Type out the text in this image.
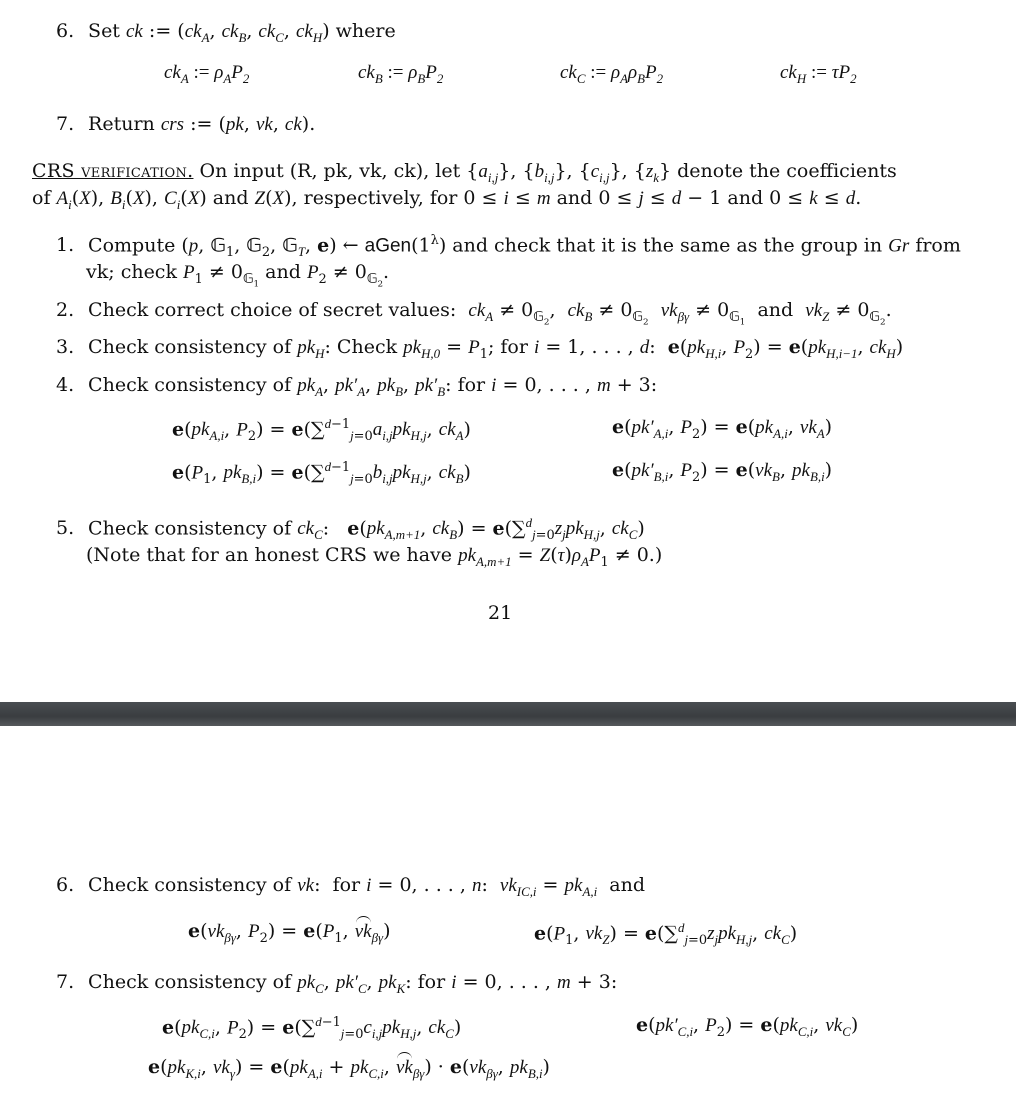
6. Set ck := ($ck_A$, $ck_B$, $ck_C$, $ck_H$) where
$ck_A$ := $\rho_AP_2$	$ck_B$ := $\rho_BP_2$	$ck_C$ := $\rho_A\rho_BP_2$	$ck_H$ := $\tau P_2$
7. Return crs := (pk, vk, ck).
CRS verification. On input (R, pk, vk, ck), let $\{a_{i,j}\}$, $\{b_{i,j}\}$, $\{c_{i,j}\}$, $\{z_k\}$ denote the coefficients
of $A_i(X)$, $B_i(X)$, $C_i(X)$ and Z(X), respectively, for 0 ≤ i ≤ m and 0 ≤ j ≤ d − 1 and 0 ≤ k ≤ d.
1. Compute (p, 𝔾$_1$, 𝔾$_2$, 𝔾$_T$, e) ← $aGen(1^\lambda)$ and check that it is the same as the group in Gr from
vk; check $P_1 \ne 0_{𝔾_1}$ and $P_2 \ne 0_{𝔾_2}$.
2. Check correct choice of secret values: $ck_A \ne 0_{𝔾_2}$,  $ck_B \ne 0_{𝔾_2}$  $vk_{\beta\gamma} \ne 0_{𝔾_1}$  and $vk_Z \ne 0_{𝔾_2}$.
3. Check consistency of $pk_H$: Check $pk_{H,0} = P_1$; for i = 1, . . . , d:  $e(pk_{H,i}$, $P_2) = e(pk_{H,i-1}$, $ck_H$)
4. Check consistency of $pk_A$, $pk'_A$, $pk_B$, $pk'_B$: for i = 0, . . . , m + 3:
$e(pk_{A,i}$, $P_2) = e(\sum^{d-1}_{j=0}a_{i,j}pk_{H,j}$, $ck_A$)	$e(pk'_{A,i}$, $P_2) = e(pk_{A,i}$, $vk_A$)
$e(P_1$, $pk_{B,i}) = e(\sum^{d-1}_{j=0}b_{i,j}pk_{H,j}$, $ck_B$)	$e(pk'_{B,i}$, $P_2) = e(vk_B$, $pk_{B,i}$)
5. Check consistency of $ck_C$:   $e(pk_{A,m+1}$, $ck_B) = e(\sum^d_{j=0}z_jpk_{H,j}$, $ck_C$)
(Note that for an honest CRS we have $pk_{A,m+1} = Z(\tau)\rho_AP_1 \ne 0$.)
21
6. Check consistency of vk:  for i = 0, . . . , n:  $vk_{IC,i} = pk_{A,i}$ and
$e(vk_{\beta\gamma}$, $P_2) = e(P_1$, $vk_{\beta\gamma}$)	$e(P_1$, $vk_Z) = e(\sum^d_{j=0}z_jpk_{H,j}$, $ck_C$)
7. Check consistency of $pk_C$, $pk'_C$, $pk_K$: for i = 0, . . . , m + 3:
$e(pk_{C,i}$, $P_2) = e(\sum^{d-1}_{j=0}c_{i,j}pk_{H,j}$, $ck_C$)	$e(pk'_{C,i}$, $P_2) = e(pk_{C,i}$, $vk_C$)
$e(pk_{K,i}$, $vk_\gamma) = e(pk_{A,i} + pk_{C,i}$, $vk_{\beta\gamma}) \cdot e(vk_{\beta\gamma}$, $pk_{B,i}$)
